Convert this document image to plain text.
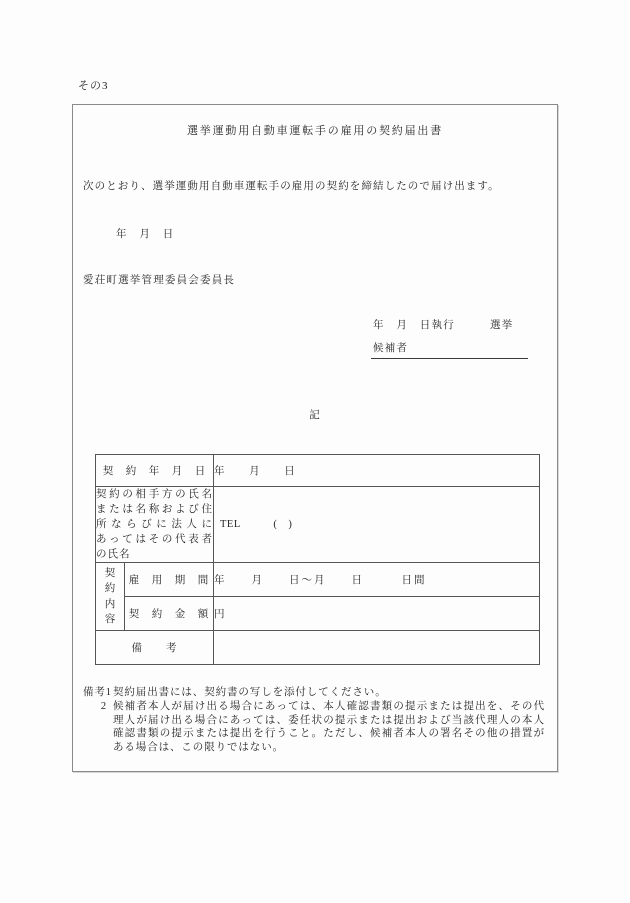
その3
選挙運動用自動車運転手の雇用の契約届出書
次のとおり、選挙運動用自動車運転手の雇用の契約を締結したので届け出ます。
年　月　日
愛荘町選挙管理委員会委員長
年　月　日執行　　　選挙
候補者
記
契　約　年　月　日		年　　月　　日

契約の相手方の氏名
または名称および住
所ならびに法人に
あってはその代表者
の氏名		TEL　　　(　)

契約内容	雇　用　期　間	年　　月　　日～月　　日　　　日間
	契　約　金　額	円
備　　考		
備考1 契約届出書には、契約書の写しを添付してください。
2 候補者本人が届け出る場合にあっては、本人確認書類の提示または提出を、その代理人が届け出る場合にあっては、委任状の提示または提出および当該代理人の本人確認書類の提示または提出を行うこと。ただし、候補者本人の署名その他の措置がある場合は、この限りではない。
